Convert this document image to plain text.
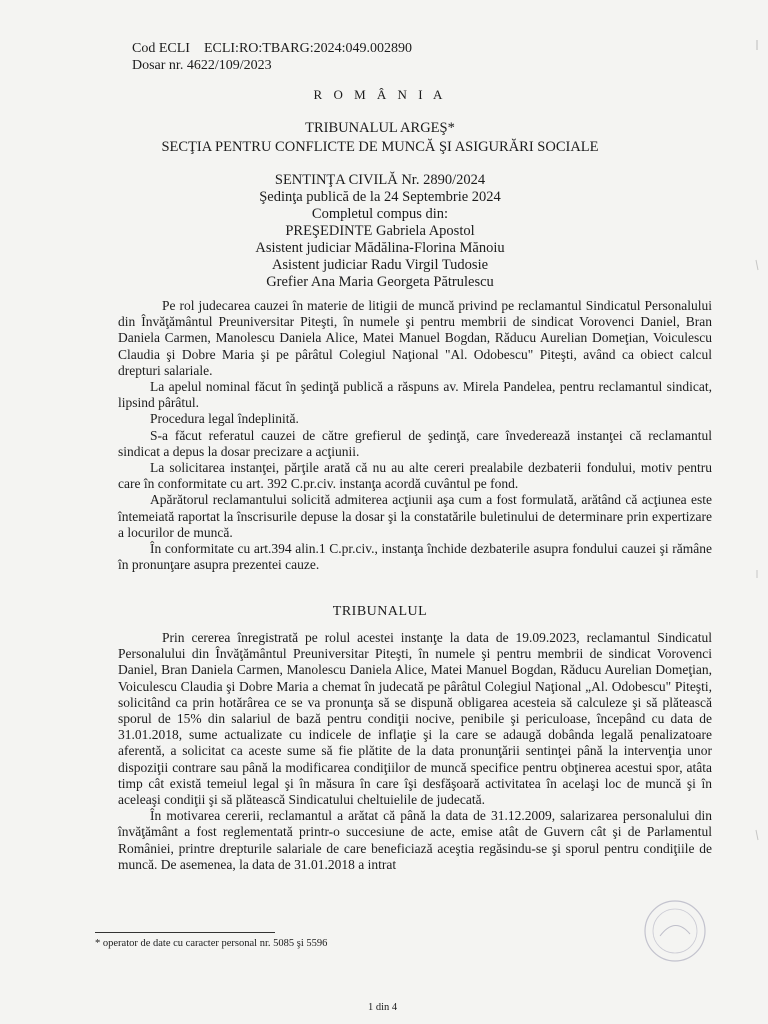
Cod ECLI ECLI:RO:TBARG:2024:049.002890
Dosar nr. 4622/109/2023
R O M Â N I A
TRIBUNALUL ARGEŞ*
SECŢIA PENTRU CONFLICTE DE MUNCĂ ŞI ASIGURĂRI SOCIALE
SENTINŢA CIVILĂ Nr. 2890/2024
Şedinţa publică de la 24 Septembrie 2024
Completul compus din:
PREŞEDINTE Gabriela Apostol
Asistent judiciar Mădălina-Florina Mănoiu
Asistent judiciar Radu Virgil Tudosie
Grefier Ana Maria Georgeta Pătrulescu

Pe rol judecarea cauzei în materie de litigii de muncă privind pe reclamantul Sindicatul Personalului din Învăţământul Preuniversitar Piteşti, în numele şi pentru membrii de sindicat Vorovenci Daniel, Bran Daniela Carmen, Manolescu Daniela Alice, Matei Manuel Bogdan, Răducu Aurelian Domeţian, Voiculescu Claudia şi Dobre Maria şi pe pârâtul Colegiul Naţional "Al. Odobescu" Piteşti, având ca obiect calcul drepturi salariale.

La apelul nominal făcut în şedinţă publică a răspuns av. Mirela Pandelea, pentru reclamantul sindicat, lipsind pârâtul.

Procedura legal îndeplinită.

S-a făcut referatul cauzei de către grefierul de şedinţă, care învederează instanţei că reclamantul sindicat a depus la dosar precizare a acţiunii.

La solicitarea instanţei, părţile arată că nu au alte cereri prealabile dezbaterii fondului, motiv pentru care în conformitate cu art. 392 C.pr.civ. instanţa acordă cuvântul pe fond.

Apărătorul reclamantului solicită admiterea acţiunii aşa cum a fost formulată, arătând că acţiunea este întemeiată raportat la înscrisurile depuse la dosar şi la constatările buletinului de determinare prin expertizare a locurilor de muncă.

În conformitate cu art.394 alin.1 C.pr.civ., instanţa închide dezbaterile asupra fondului cauzei şi rămâne în pronunţare asupra prezentei cauze.

TRIBUNALUL

Prin cererea înregistrată pe rolul acestei instanţe la data de 19.09.2023, reclamantul Sindicatul Personalului din Învăţământul Preuniversitar Piteşti, în numele şi pentru membrii de sindicat Vorovenci Daniel, Bran Daniela Carmen, Manolescu Daniela Alice, Matei Manuel Bogdan, Răducu Aurelian Domeţian, Voiculescu Claudia şi Dobre Maria a chemat în judecată pe pârâtul Colegiul Naţional „Al. Odobescu" Piteşti, solicitând ca prin hotărârea ce se va pronunţa să se dispună obligarea acesteia să calculeze şi să plătească sporul de 15% din salariul de bază pentru condiţii nocive, penibile şi periculoase, începând cu data de 31.01.2018, sume actualizate cu indicele de inflaţie şi la care se adaugă dobânda legală penalizatoare aferentă, a solicitat ca aceste sume să fie plătite de la data pronunţării sentinţei până la intervenţia unor dispoziţii contrare sau până la modificarea condiţiilor de muncă specifice pentru obţinerea acestui spor, atâta timp cât există temeiul legal şi în măsura în care îşi desfăşoară activitatea în acelaşi loc de muncă şi în aceleaşi condiţii şi să plătească Sindicatului cheltuielile de judecată.

În motivarea cererii, reclamantul a arătat că până la data de 31.12.2009, salarizarea personalului din învăţământ a fost reglementată printr-o succesiune de acte, emise atât de Guvern cât şi de Parlamentul României, printre drepturile salariale de care beneficiază aceştia regăsindu-se şi sporul pentru condiţiile de muncă. De asemenea, la data de 31.01.2018 a intrat

* operator de date cu caracter personal nr. 5085 şi 5596
1 din 4
